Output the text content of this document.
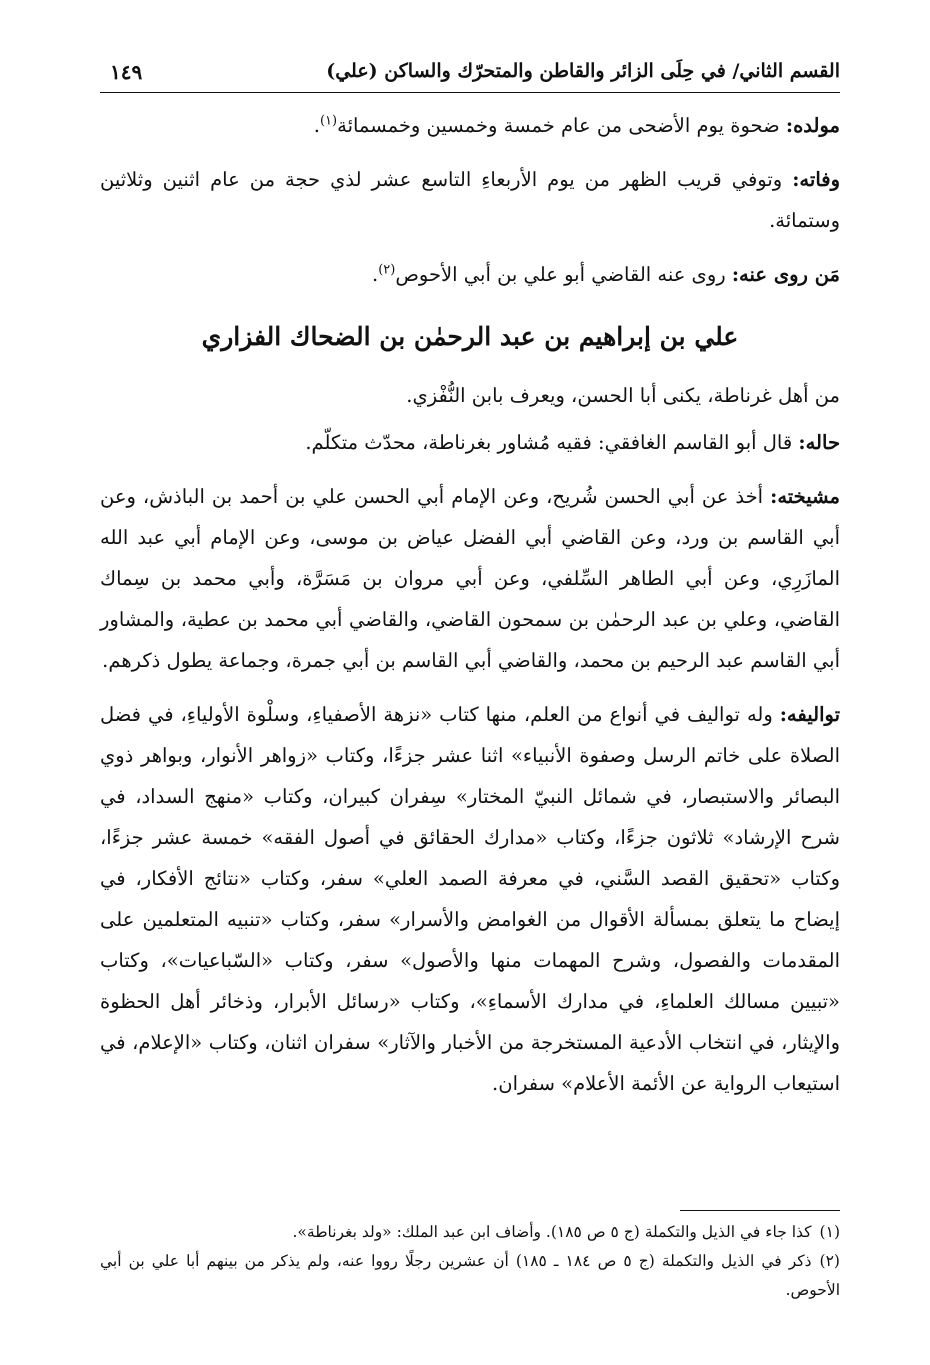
القسم الثاني/ في حِلَى الزائر والقاطن والمتحرّك والساكن (علي)
١٤٩

مولده: ضحوة يوم الأضحى من عام خمسة وخمسين وخمسمائة$^{(١)}$.

وفاته: وتوفي قريب الظهر من يوم الأربعاءِ التاسع عشر لذي حجة من عام اثنين وثلاثين وستمائة.

مَن روى عنه: روى عنه القاضي أبو علي بن أبي الأحوص$^{(٢)}$.

علي بن إبراهيم بن عبد الرحمٰن بن الضحاك الفزاري

من أهل غرناطة، يكنى أبا الحسن، ويعرف بابن النُّفْزي.

حاله: قال أبو القاسم الغافقي: فقيه مُشاور بغرناطة، محدّث متكلّم.

مشيخته: أخذ عن أبي الحسن شُريح، وعن الإمام أبي الحسن علي بن أحمد بن الباذش، وعن أبي القاسم بن ورد، وعن القاضي أبي الفضل عياض بن موسى، وعن الإمام أبي عبد الله المازَرِي، وعن أبي الطاهر السِّلفي، وعن أبي مروان بن مَسَرَّة، وأبي محمد بن سِماك القاضي، وعلي بن عبد الرحمٰن بن سمحون القاضي، والقاضي أبي محمد بن عطية، والمشاور أبي القاسم عبد الرحيم بن محمد، والقاضي أبي القاسم بن أبي جمرة، وجماعة يطول ذكرهم.

تواليفه: وله تواليف في أنواع من العلم، منها كتاب «نزهة الأصفياءِ، وسلْوة الأولياءِ، في فضل الصلاة على خاتم الرسل وصفوة الأنبياء» اثنا عشر جزءًا، وكتاب «زواهر الأنوار، وبواهر ذوي البصائر والاستبصار، في شمائل النبيّ المختار» سِفران كبيران، وكتاب «منهج السداد، في شرح الإرشاد» ثلاثون جزءًا، وكتاب «مدارك الحقائق في أصول الفقه» خمسة عشر جزءًا، وكتاب «تحقيق القصد السَّني، في معرفة الصمد العلي» سفر، وكتاب «نتائج الأفكار، في إيضاح ما يتعلق بمسألة الأقوال من الغوامض والأسرار» سفر، وكتاب «تنبيه المتعلمين على المقدمات والفصول، وشرح المهمات منها والأصول» سفر، وكتاب «السّباعيات»، وكتاب «تبيين مسالك العلماءِ، في مدارك الأسماءِ»، وكتاب «رسائل الأبرار، وذخائر أهل الحظوة والإيثار، في انتخاب الأدعية المستخرجة من الأخبار والآثار» سفران اثنان، وكتاب «الإعلام، في استيعاب الرواية عن الأئمة الأعلام» سفران.

(١)كذا جاء في الذيل والتكملة (ج ٥ ص ١٨٥). وأضاف ابن عبد الملك: «ولد بغرناطة».

(٢)ذكر في الذيل والتكملة (ج ٥ ص ١٨٤ ـ ١٨٥) أن عشرين رجلًا رووا عنه، ولم يذكر من بينهم أبا علي بن أبي الأحوص.
